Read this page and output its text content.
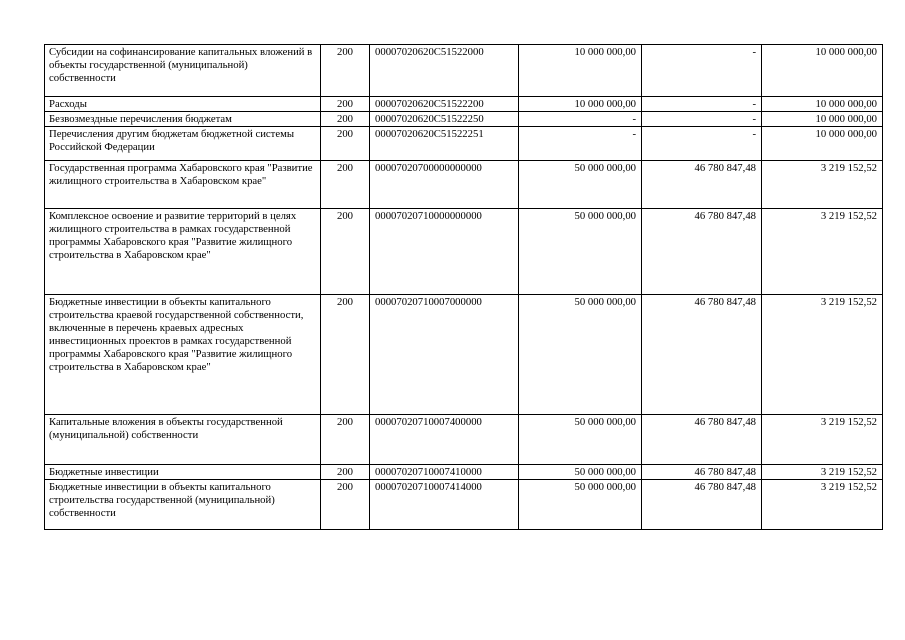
Субсидии на софинансирование капитальных вложений в объекты государственной (муниципальной) собственности	200	00007020620C51522000	10 000 000,00	-	10 000 000,00
Расходы	200	00007020620C51522200	10 000 000,00	-	10 000 000,00
Безвозмездные перечисления бюджетам	200	00007020620C51522250	-	-	10 000 000,00
Перечисления другим бюджетам бюджетной системы Российской Федерации	200	00007020620C51522251	-	-	10 000 000,00
Государственная программа Хабаровского края "Развитие жилищного строительства в Хабаровском крае"	200	00007020700000000000	50 000 000,00	46 780 847,48	3 219 152,52
Комплексное освоение и развитие территорий в целях жилищного строительства в рамках государственной программы Хабаровского края "Развитие жилищного строительства в Хабаровском крае"	200	00007020710000000000	50 000 000,00	46 780 847,48	3 219 152,52
Бюджетные инвестиции в объекты капитального строительства краевой государственной собственности, включенные в перечень краевых адресных инвестиционных проектов в рамках государственной программы Хабаровского края "Развитие жилищного строительства в Хабаровском крае"	200	00007020710007000000	50 000 000,00	46 780 847,48	3 219 152,52
Капитальные вложения в объекты государственной (муниципальной) собственности	200	00007020710007400000	50 000 000,00	46 780 847,48	3 219 152,52
Бюджетные инвестиции	200	00007020710007410000	50 000 000,00	46 780 847,48	3 219 152,52
Бюджетные инвестиции в объекты капитального строительства государственной (муниципальной) собственности	200	00007020710007414000	50 000 000,00	46 780 847,48	3 219 152,52
